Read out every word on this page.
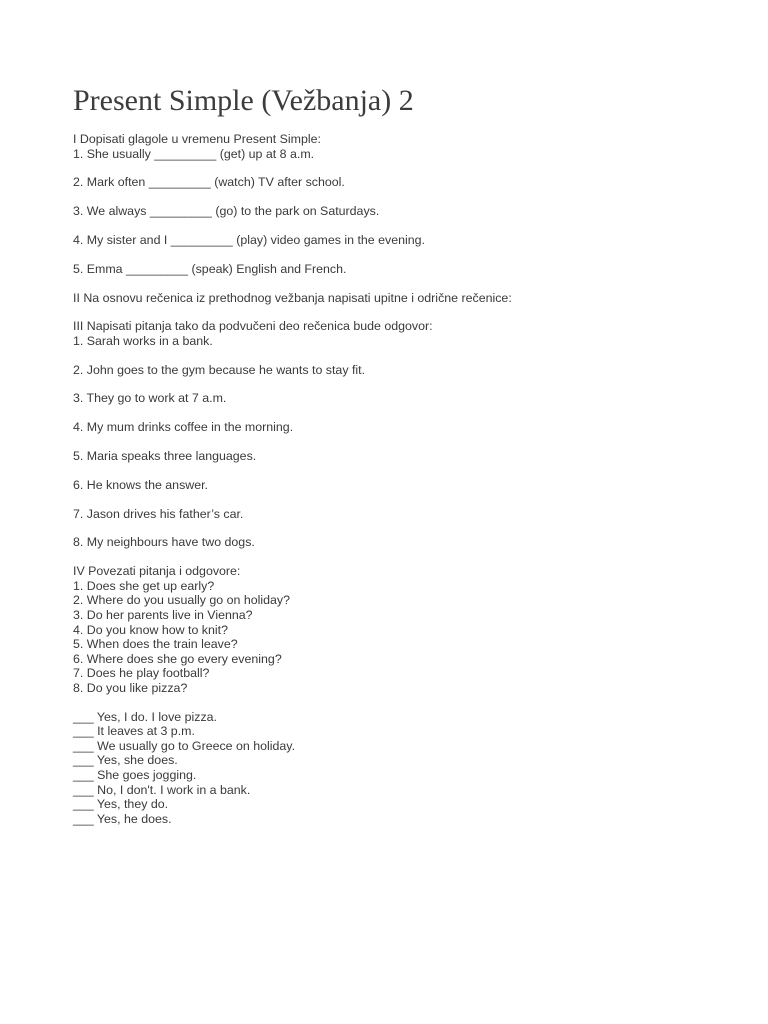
Present Simple (Vežbanja) 2

I Dopisati glagole u vremenu Present Simple:

1. She usually _________ (get) up at 8 a.m.

2. Mark often _________ (watch) TV after school.

3. We always _________ (go) to the park on Saturdays.

4. My sister and I _________ (play) video games in the evening.

5. Emma _________ (speak) English and French.

II Na osnovu rečenica iz prethodnog vežbanja napisati upitne i odrične rečenice:

III Napisati pitanja tako da podvučeni deo rečenica bude odgovor:

1. Sarah works in a bank.

2. John goes to the gym because he wants to stay fit.

3. They go to work at 7 a.m.

4. My mum drinks coffee in the morning.

5. Maria speaks three languages.

6. He knows the answer.

7. Jason drives his father’s car.

8. My neighbours have two dogs.

IV Povezati pitanja i odgovore:

1. Does she get up early?

2. Where do you usually go on holiday?

3. Do her parents live in Vienna?

4. Do you know how to knit?

5. When does the train leave?

6. Where does she go every evening?

7. Does he play football?

8. Do you like pizza?

___ Yes, I do. I love pizza.

___ It leaves at 3 p.m.

___ We usually go to Greece on holiday.

___ Yes, she does.

___ She goes jogging.

___ No, I don't. I work in a bank.

___ Yes, they do.

___ Yes, he does.
